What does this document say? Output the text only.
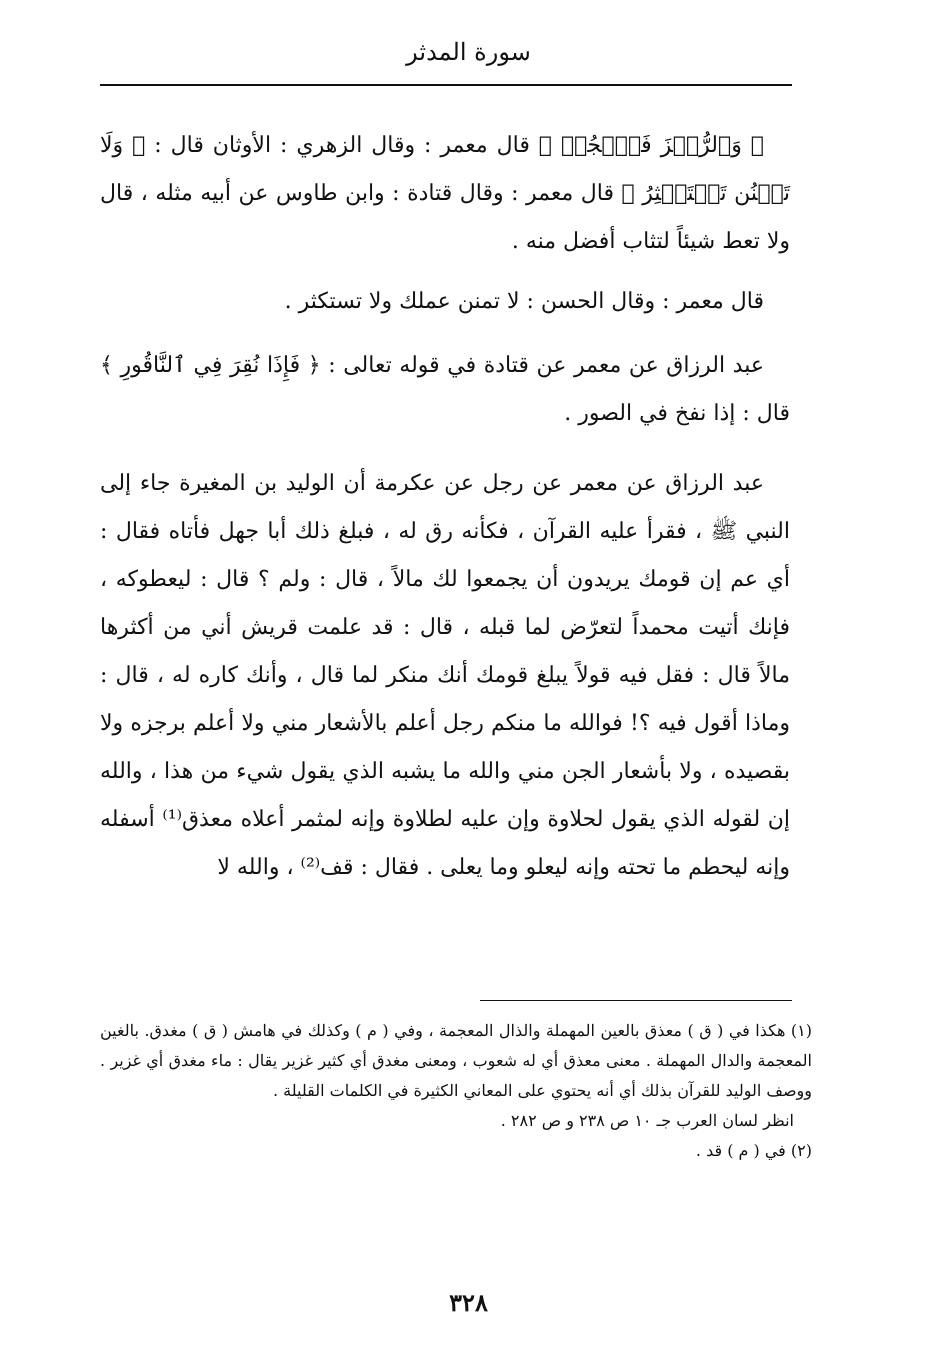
سورة المدثر

﴿ وَٱلرُّجۡزَ فَٱهۡجُرۡ ﴾ قال معمر : وقال الزهري : الأوثان قال : ﴿ وَلَا تَمۡنُن تَسۡتَكۡثِرُ ﴾ قال معمر : وقال قتادة : وابن طاوس عن أبيه مثله ، قال ولا تعط شيئاً لتثاب أفضل منه .

قال معمر : وقال الحسن : لا تمنن عملك ولا تستكثر .

عبد الرزاق عن معمر عن قتادة في قوله تعالى : ﴿ فَإِذَا نُقِرَ فِي ٱلنَّاقُورِ ﴾ قال : إذا نفخ في الصور .

عبد الرزاق عن معمر عن رجل عن عكرمة أن الوليد بن المغيرة جاء إلى النبي ﷺ ، فقرأ عليه القرآن ، فكأنه رق له ، فبلغ ذلك أبا جهل فأتاه فقال : أي عم إن قومك يريدون أن يجمعوا لك مالاً ، قال : ولم ؟ قال : ليعطوكه ، فإنك أتيت محمداً لتعرّض لما قبله ، قال : قد علمت قريش أني من أكثرها مالاً قال : فقل فيه قولاً يبلغ قومك أنك منكر لما قال ، وأنك كاره له ، قال : وماذا أقول فيه ؟! فوالله ما منكم رجل أعلم بالأشعار مني ولا أعلم برجزه ولا بقصيده ، ولا بأشعار الجن مني والله ما يشبه الذي يقول شيء من هذا ، والله إن لقوله الذي يقول لحلاوة وإن عليه لطلاوة وإنه لمثمر أعلاه معذق⁽¹⁾ أسفله وإنه ليحطم ما تحته وإنه ليعلو وما يعلى . فقال : قف⁽²⁾ ، والله لا

(١) هكذا في ( ق ) معذق بالعين المهملة والذال المعجمة ، وفي ( م ) وكذلك في هامش ( ق ) مغدق. بالغين المعجمة والدال المهملة . معنى معذق أي له شعوب ، ومعنى مغدق أي كثير غزير يقال : ماء مغدق أي غزير . ووصف الوليد للقرآن بذلك أي أنه يحتوي على المعاني الكثيرة في الكلمات القليلة .

انظر لسان العرب جـ ١٠ ص ٢٣٨ و ص ٢٨٢ .

(٢) في ( م ) قد .

٣٢٨
